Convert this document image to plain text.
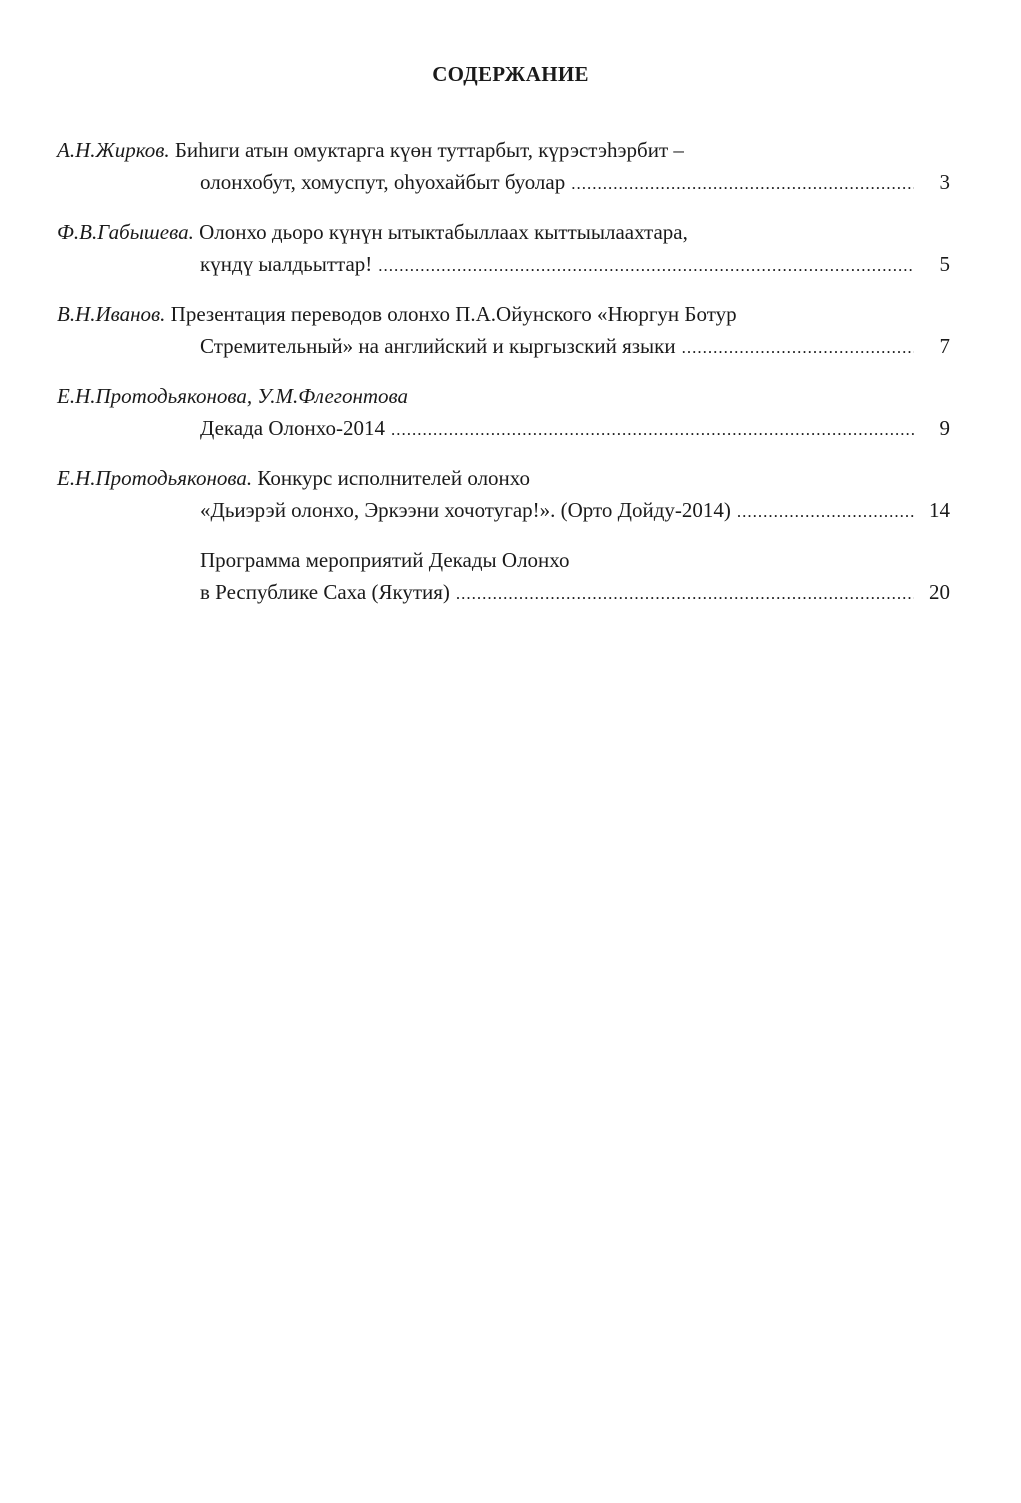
СОДЕРЖАНИЕ
А.Н.Жирков. Биhиги атын омуктарга күөн туттарбыт, күрэстэhэрбит –
олонхобут, хомуспут, оhуохайбыт буолар .....	3
Ф.В.Габышева. Олонхо дьоро күнүн ытыктабыллаах кыттыылаахтара,
күндү ыалдьыттар! .....	5
В.Н.Иванов. Презентация переводов олонхо П.А.Ойунского «Нюргун Ботур
Стремительный» на английский и кыргызский языки .....	7
Е.Н.Протодьяконова, У.М.Флегонтова
Декада Олонхо-2014 .....	9
Е.Н.Протодьяконова. Конкурс исполнителей олонхо
«Дьиэрэй олонхо, Эркээни хочотугар!». (Орто Дойду-2014) .....	14
Программа мероприятий Декады Олонхо
в Республике Саха (Якутия) .....	20
